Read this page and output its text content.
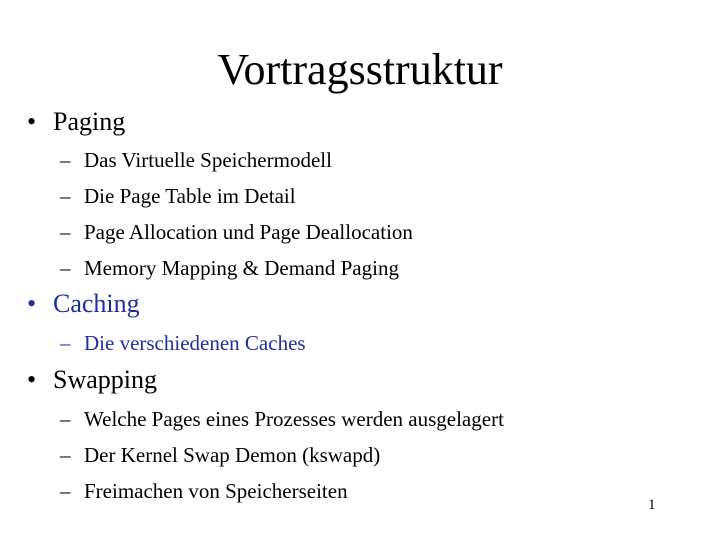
Vortragsstruktur
• Paging
– Das Virtuelle Speichermodell
– Die Page Table im Detail
– Page Allocation und Page Deallocation
– Memory Mapping & Demand Paging
• Caching
– Die verschiedenen Caches
• Swapping
– Welche Pages eines Prozesses werden ausgelagert
– Der Kernel Swap Demon (kswapd)
– Freimachen von Speicherseiten
1
